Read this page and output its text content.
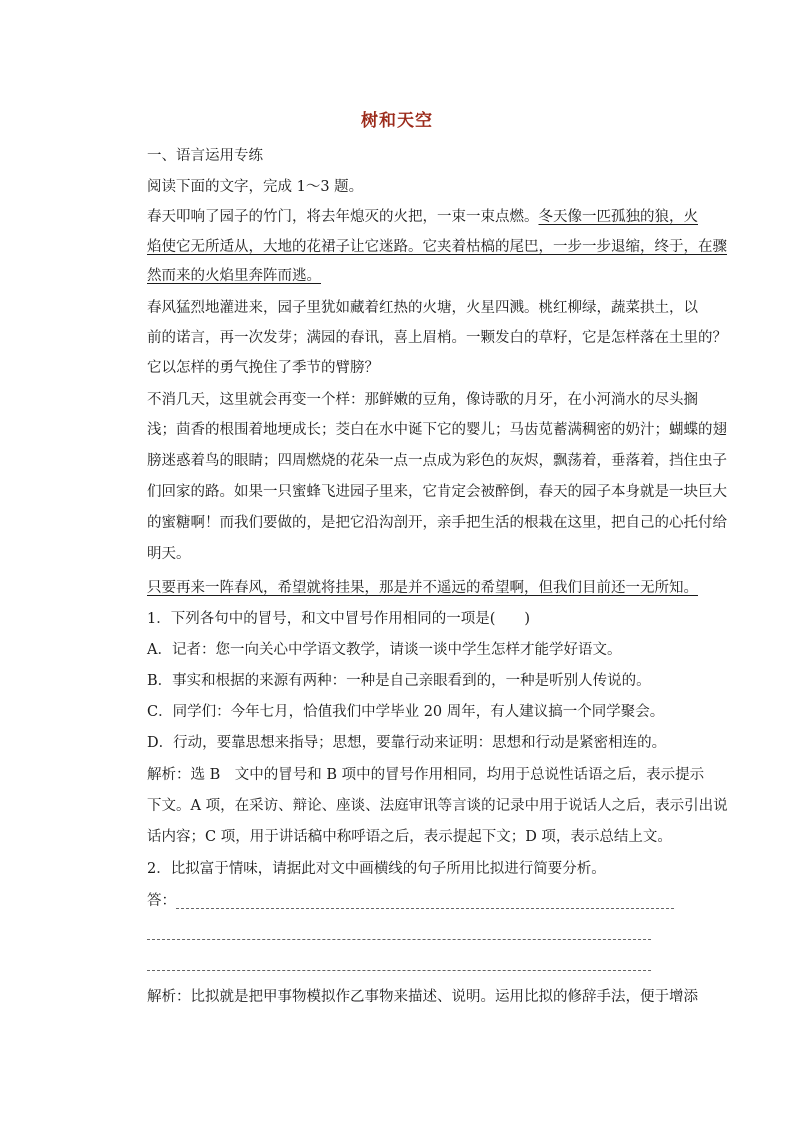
树和天空
一、语言运用专练
阅读下面的文字，完成 1～3 题。
春天叩响了园子的竹门，将去年熄灭的火把，一束一束点燃。冬天像一匹孤独的狼，火
焰使它无所适从，大地的花裙子让它迷路。它夹着枯槁的尾巴，一步一步退缩，终于，在骤
然而来的火焰里奔阵而逃。
春风猛烈地灌进来，园子里犹如藏着红热的火塘，火星四溅。桃红柳绿，蔬菜拱土，以
前的诺言，再一次发芽；满园的春讯，喜上眉梢。一颗发白的草籽，它是怎样落在土里的？
它以怎样的勇气挽住了季节的臂膀？
不消几天，这里就会再变一个样：那鲜嫩的豆角，像诗歌的月牙，在小河淌水的尽头搁
浅；茴香的根围着地埂成长；茭白在水中诞下它的婴儿；马齿苋蓄满稠密的奶汁；蝴蝶的翅
膀迷惑着鸟的眼睛；四周燃烧的花朵一点一点成为彩色的灰烬，飘荡着，垂落着，挡住虫子
们回家的路。如果一只蜜蜂飞进园子里来，它肯定会被醉倒，春天的园子本身就是一块巨大
的蜜糖啊！而我们要做的，是把它沿沟剖开，亲手把生活的根栽在这里，把自己的心托付给
明天。
只要再来一阵春风，希望就将挂果，那是并不遥远的希望啊，但我们目前还一无所知。
1．下列各句中的冒号，和文中冒号作用相同的一项是(　　)
A．记者：您一向关心中学语文教学，请谈一谈中学生怎样才能学好语文。
B．事实和根据的来源有两种：一种是自己亲眼看到的，一种是听别人传说的。
C．同学们：今年七月，恰值我们中学毕业 20 周年，有人建议搞一个同学聚会。
D．行动，要靠思想来指导；思想，要靠行动来证明：思想和行动是紧密相连的。
解析：选 B　文中的冒号和 B 项中的冒号作用相同，均用于总说性话语之后，表示提示
下文。A 项，在采访、辩论、座谈、法庭审讯等言谈的记录中用于说话人之后，表示引出说
话内容；C 项，用于讲话稿中称呼语之后，表示提起下文；D 项，表示总结上文。
2．比拟富于情味，请据此对文中画横线的句子所用比拟进行简要分析。
答：
解析：比拟就是把甲事物模拟作乙事物来描述、说明。运用比拟的修辞手法，便于增添
